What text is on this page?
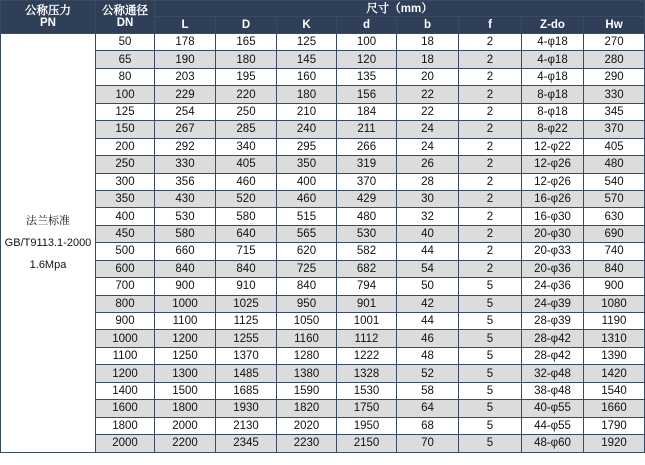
公称压力
PN	公称通径
DN	尺寸（mm）							
		L	D	K	d	b	f	Z-do	Hw

法兰标准
GB/T9113.1-2000
1.6Mpa	50	178	165	125	100	18	2	4-φ18	270
	65	190	180	145	120	18	2	4-φ18	280
	80	203	195	160	135	20	2	4-φ18	290
	100	229	220	180	156	22	2	8-φ18	330
	125	254	250	210	184	22	2	8-φ18	345
	150	267	285	240	211	24	2	8-φ22	370
	200	292	340	295	266	24	2	12-φ22	405
	250	330	405	350	319	26	2	12-φ26	480
	300	356	460	400	370	28	2	12-φ26	540
	350	430	520	460	429	30	2	16-φ26	570
	400	530	580	515	480	32	2	16-φ30	630
	450	580	640	565	530	40	2	20-φ30	690
	500	660	715	620	582	44	2	20-φ33	740
	600	840	840	725	682	54	2	20-φ36	840
	700	900	910	840	794	50	5	24-φ36	900
	800	1000	1025	950	901	42	5	24-φ39	1080
	900	1100	1125	1050	1001	44	5	28-φ39	1190
	1000	1200	1255	1160	1112	46	5	28-φ42	1310
	1100	1250	1370	1280	1222	48	5	28-φ42	1390
	1200	1300	1485	1380	1328	52	5	32-φ48	1420
	1400	1500	1685	1590	1530	58	5	38-φ48	1540
	1600	1800	1930	1820	1750	64	5	40-φ55	1660
	1800	2000	2130	2020	1950	68	5	44-φ55	1790
	2000	2200	2345	2230	2150	70	5	48-φ60	1920
